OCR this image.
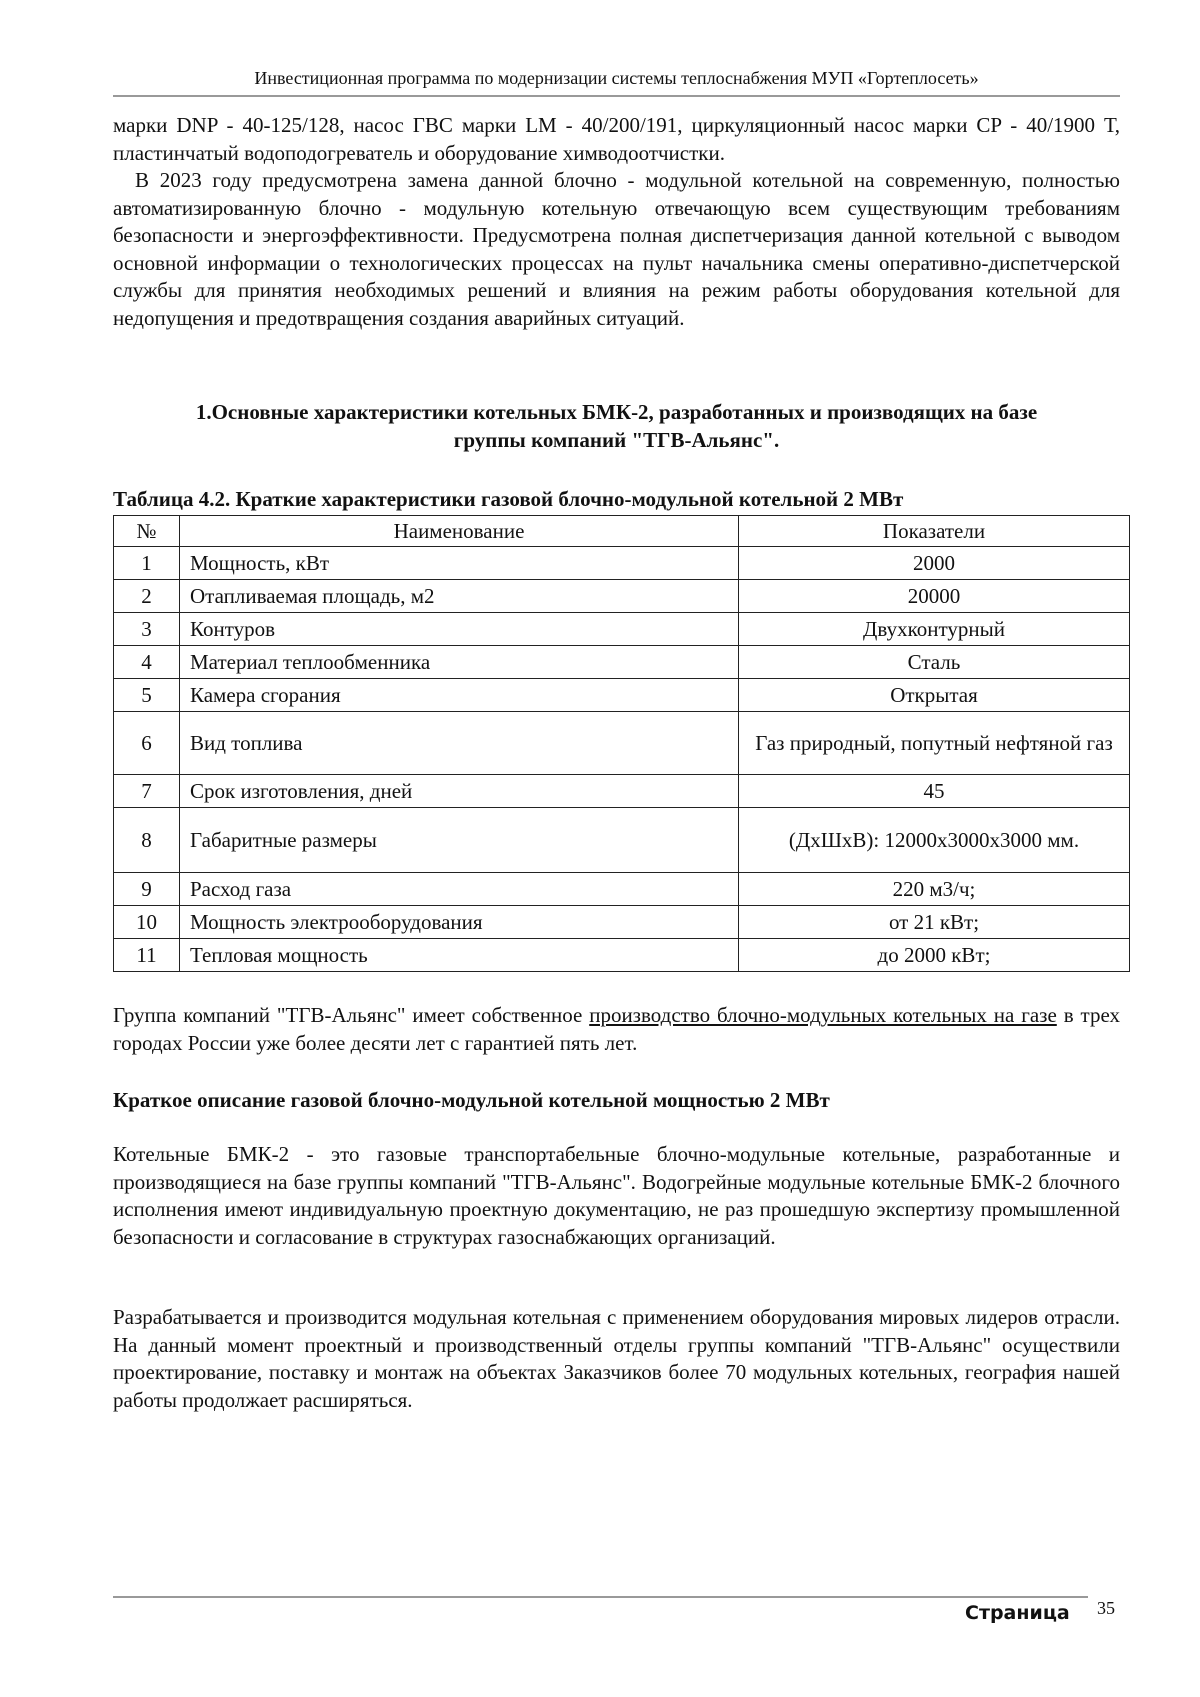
Инвестиционная программа по модернизации системы теплоснабжения МУП «Гортеплосеть»
марки DNP - 40-125/128, насос ГВС марки LM - 40/200/191, циркуляционный насос марки CP - 40/1900 Т, пластинчатый водоподогреватель и оборудование химводоотчистки.
В 2023 году предусмотрена замена данной блочно - модульной котельной на современную, полностью автоматизированную блочно - модульную котельную отвечающую всем существующим требованиям безопасности и энергоэффективности. Предусмотрена полная диспетчеризация данной котельной с выводом основной информации о технологических процессах на пульт начальника смены оперативно-диспетчерской службы для принятия необходимых решений и влияния на режим работы оборудования котельной для недопущения и предотвращения создания аварийных ситуаций.
1.Основные характеристики котельных БМК-2, разработанных и производящих на базе
группы компаний "ТГВ-Альянс".
Таблица 4.2. Краткие характеристики газовой блочно-модульной котельной 2 МВт
№	Наименование	Показатели
1	Мощность, кВт	2000
2	Отапливаемая площадь, м2	20000
3	Контуров	Двухконтурный
4	Материал теплообменника	Сталь
5	Камера сгорания	Открытая
6	Вид топлива	Газ природный, попутный нефтяной газ
7	Срок изготовления, дней	45
8	Габаритные размеры	(ДхШхВ): 12000х3000х3000 мм.
9	Расход газа	220 м3/ч;
10	Мощность электрооборудования	от 21 кВт;
11	Тепловая мощность	до 2000 кВт;
Группа компаний "ТГВ-Альянс" имеет собственное производство блочно-модульных котельных на газе в трех городах России уже более десяти лет с гарантией пять лет.
Краткое описание газовой блочно-модульной котельной мощностью 2 МВт
Котельные БМК-2 - это газовые транспортабельные блочно-модульные котельные, разработанные и производящиеся на базе группы компаний "ТГВ-Альянс". Водогрейные модульные котельные БМК-2 блочного исполнения имеют индивидуальную проектную документацию, не раз прошедшую экспертизу промышленной безопасности и согласование в структурах газоснабжающих организаций.
Разрабатывается и производится модульная котельная с применением оборудования мировых лидеров отрасли. На данный момент проектный и производственный отделы группы компаний "ТГВ-Альянс" осуществили проектирование, поставку и монтаж на объектах Заказчиков более 70 модульных котельных, география нашей работы продолжает расширяться.
Страница 35
